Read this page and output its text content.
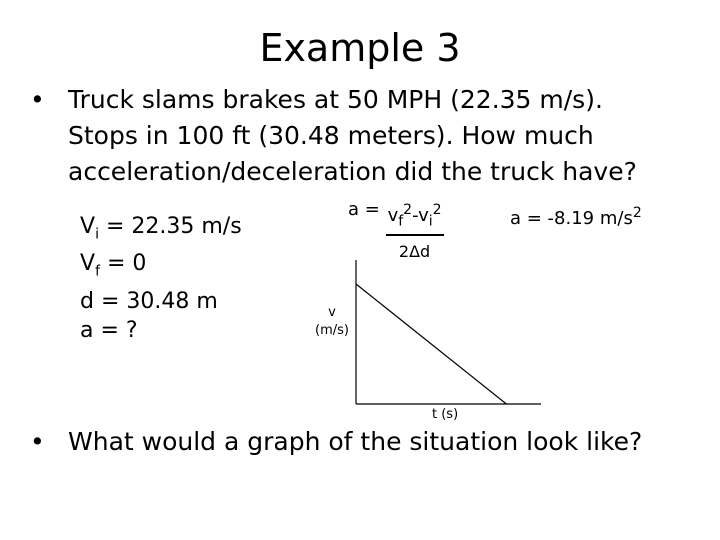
Example 3
• Truck slams brakes at 50 MPH (22.35 m/s).
Stops in 100 ft (30.48 meters). How much
acceleration/deceleration did the truck have?
$V_i = 22.35$ m/s
$V_f = 0$
d = 30.48 m
a = ?
$a = \frac{v_f^2-v_i^2}{2\Delta d}$	a = -8.19 $m/s^2$
v
(m/s)
t (s)
• What would a graph of the situation look like?
